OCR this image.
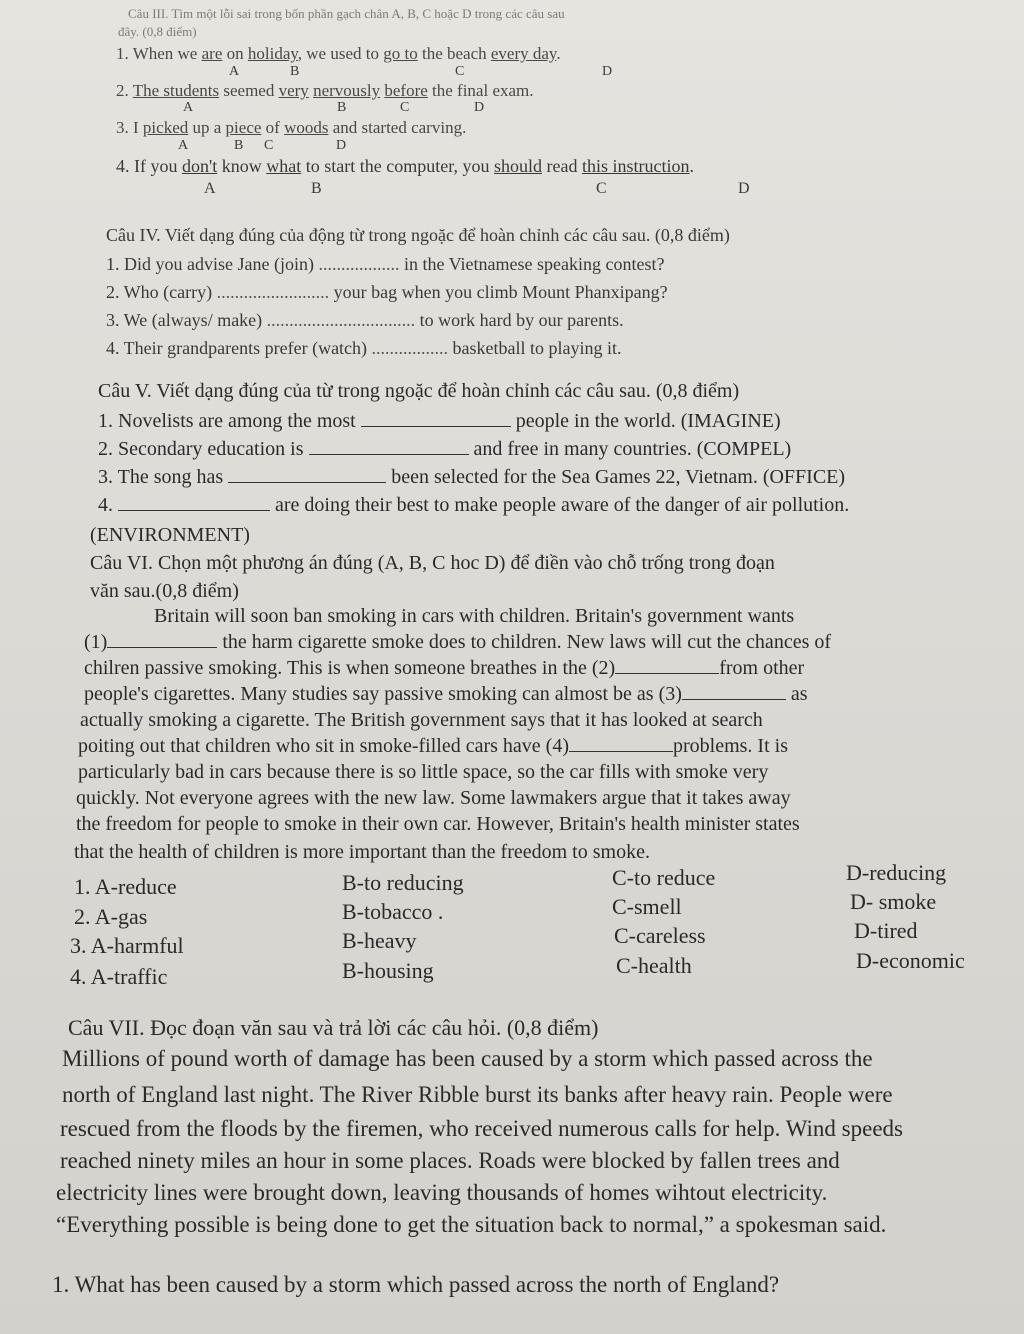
Câu III. Tìm một lỗi sai trong bốn phần gạch chân A, B, C hoặc D trong các câu sau
đây. (0,8 điểm)
1. When we are on holiday, we used to go to the beach every day.
A	B	C	D
2. The students seemed very nervously before the final exam.
A	B	C	D
3. I picked up a piece of woods and started carving.
A	B C	D
4. If you don't know what to start the computer, you should read this instruction.
A	B	C	D
Câu IV. Viết dạng đúng của động từ trong ngoặc để hoàn chỉnh các câu sau. (0,8 điểm)
1. Did you advise Jane (join) .................. in the Vietnamese speaking contest?
2. Who (carry) ......................... your bag when you climb Mount Phanxipang?
3. We (always/ make) ................................. to work hard by our parents.
4. Their grandparents prefer (watch) ................. basketball to playing it.
Câu V. Viết dạng đúng của từ trong ngoặc để hoàn chỉnh các câu sau. (0,8 điểm)
1. Novelists are among the most	people in the world. (IMAGINE)
2. Secondary education is	and free in many countries. (COMPEL)
3. The song has	been selected for the Sea Games 22, Vietnam. (OFFICE)
4.	are doing their best to make people aware of the danger of air pollution.
(ENVIRONMENT)
Câu VI. Chọn một phương án đúng (A, B, C hoc D) để điền vào chỗ trống trong đoạn
văn sau.(0,8 điểm)
Britain will soon ban smoking in cars with children. Britain's government wants
(1)	the harm cigarette smoke does to children. New laws will cut the chances of
chilren passive smoking. This is when someone breathes in the (2)	from other
people's cigarettes. Many studies say passive smoking can almost be as (3)	as
actually smoking a cigarette. The British government says that it has looked at search
poiting out that children who sit in smoke-filled cars have (4)	problems. It is
particularly bad in cars because there is so little space, so the car fills with smoke very
quickly. Not everyone agrees with the new law. Some lawmakers argue that it takes away
the freedom for people to smoke in their own car. However, Britain's health minister states
that the health of children is more important than the freedom to smoke.
1. A-reduce	B-to reducing	C-to reduce	D-reducing
2. A-gas	B-tobacco .	C-smell	D- smoke
3. A-harmful	B-heavy	C-careless	D-tired
4. A-traffic	B-housing	C-health	D-economic
Câu VII. Đọc đoạn văn sau và trả lời các câu hỏi. (0,8 điểm)
Millions of pound worth of damage has been caused by a storm which passed across the
north of England last night. The River Ribble burst its banks after heavy rain. People were
rescued from the floods by the firemen, who received numerous calls for help. Wind speeds
reached ninety miles an hour in some places. Roads were blocked by fallen trees and
electricity lines were brought down, leaving thousands of homes wihtout electricity.
“Everything possible is being done to get the situation back to normal,” a spokesman said.
1. What has been caused by a storm which passed across the north of England?
